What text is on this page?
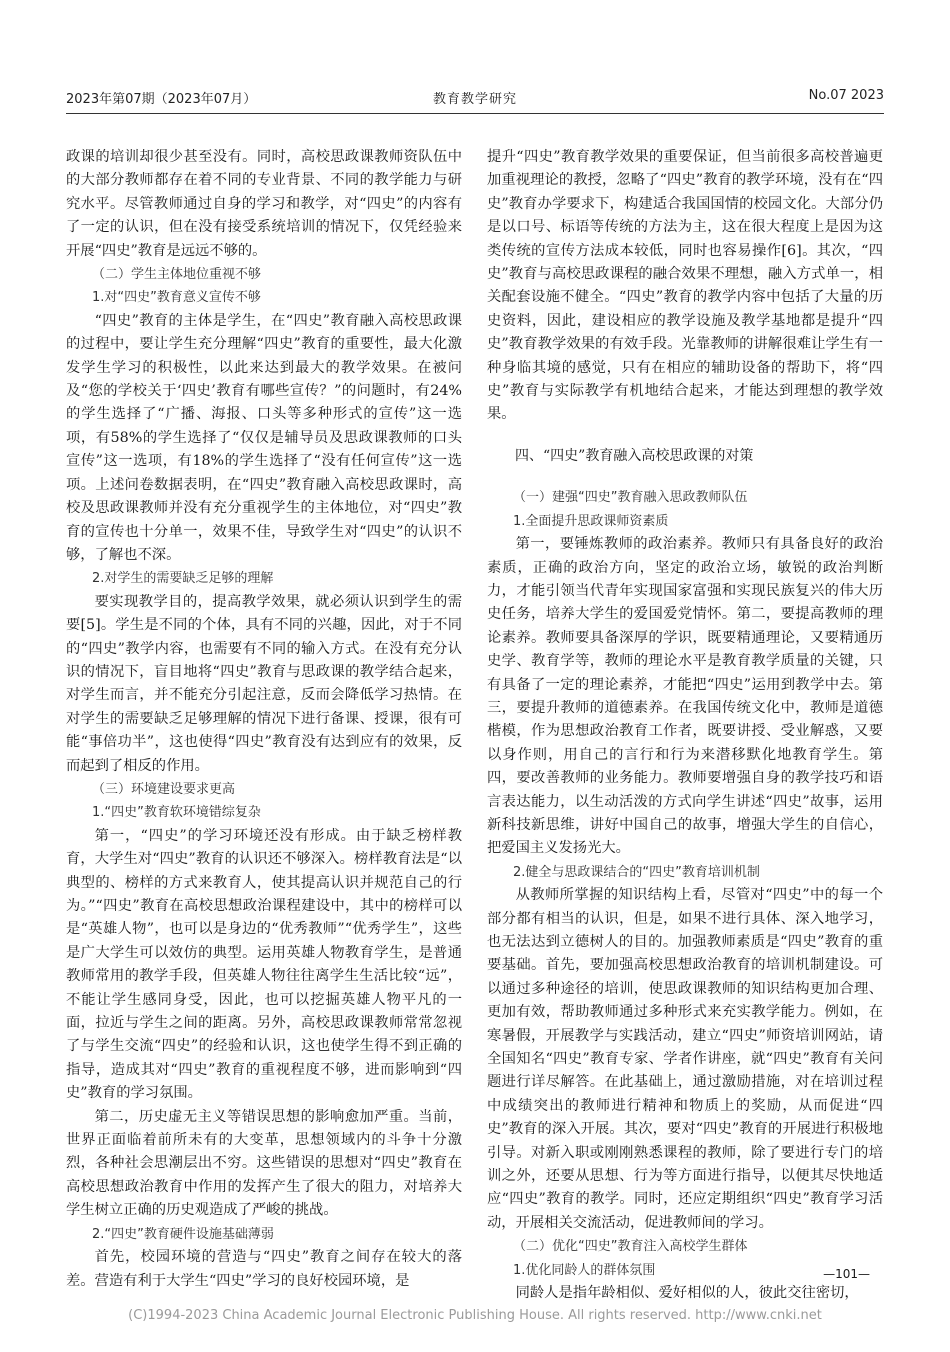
2023年第07期（2023年07月）	教育教学研究	No.07 2023

政课的培训却很少甚至没有。同时，高校思政课教师资队伍中的大部分教师都存在着不同的专业背景、不同的教学能力与研究水平。尽管教师通过自身的学习和教学，对“四史”的内容有了一定的认识，但在没有接受系统培训的情况下，仅凭经验来开展“四史”教育是远远不够的。

（二）学生主体地位重视不够

1.对“四史”教育意义宣传不够

“四史”教育的主体是学生，在“四史”教育融入高校思政课的过程中，要让学生充分理解“四史”教育的重要性，最大化激发学生学习的积极性，以此来达到最大的教学效果。在被问及“您的学校关于‘四史’教育有哪些宣传？”的问题时，有24%的学生选择了“广播、海报、口头等多种形式的宣传”这一选项，有58%的学生选择了“仅仅是辅导员及思政课教师的口头宣传”这一选项，有18%的学生选择了“没有任何宣传”这一选项。上述问卷数据表明，在“四史”教育融入高校思政课时，高校及思政课教师并没有充分重视学生的主体地位，对“四史”教育的宣传也十分单一，效果不佳，导致学生对“四史”的认识不够，了解也不深。

2.对学生的需要缺乏足够的理解

要实现教学目的，提高教学效果，就必须认识到学生的需要[5]。学生是不同的个体，具有不同的兴趣，因此，对于不同的“四史”教学内容，也需要有不同的输入方式。在没有充分认识的情况下，盲目地将“四史”教育与思政课的教学结合起来，对学生而言，并不能充分引起注意，反而会降低学习热情。在对学生的需要缺乏足够理解的情况下进行备课、授课，很有可能“事倍功半”，这也使得“四史”教育没有达到应有的效果，反而起到了相反的作用。

（三）环境建设要求更高

1.“四史”教育软环境错综复杂

第一，“四史”的学习环境还没有形成。由于缺乏榜样教育，大学生对“四史”教育的认识还不够深入。榜样教育法是“以典型的、榜样的方式来教育人，使其提高认识并规范自己的行为。”“四史”教育在高校思想政治课程建设中，其中的榜样可以是“英雄人物”，也可以是身边的“优秀教师”“优秀学生”，这些是广大学生可以效仿的典型。运用英雄人物教育学生，是普通教师常用的教学手段，但英雄人物往往离学生生活比较“远”，不能让学生感同身受，因此，也可以挖掘英雄人物平凡的一面，拉近与学生之间的距离。另外，高校思政课教师常常忽视了与学生交流“四史”的经验和认识，这也使学生得不到正确的指导，造成其对“四史”教育的重视程度不够，进而影响到“四史”教育的学习氛围。

第二，历史虚无主义等错误思想的影响愈加严重。当前，世界正面临着前所未有的大变革，思想领域内的斗争十分激烈，各种社会思潮层出不穷。这些错误的思想对“四史”教育在高校思想政治教育中作用的发挥产生了很大的阻力，对培养大学生树立正确的历史观造成了严峻的挑战。

2.“四史”教育硬件设施基础薄弱

首先，校园环境的营造与“四史”教育之间存在较大的落差。营造有利于大学生“四史”学习的良好校园环境，是

提升“四史”教育教学效果的重要保证，但当前很多高校普遍更加重视理论的教授，忽略了“四史”教育的教学环境，没有在“四史”教育办学要求下，构建适合我国国情的校园文化。大部分仍是以口号、标语等传统的方法为主，这在很大程度上是因为这类传统的宣传方法成本较低，同时也容易操作[6]。其次，“四史”教育与高校思政课程的融合效果不理想，融入方式单一，相关配套设施不健全。“四史”教育的教学内容中包括了大量的历史资料，因此，建设相应的教学设施及教学基地都是提升“四史”教育教学效果的有效手段。光靠教师的讲解很难让学生有一种身临其境的感觉，只有在相应的辅助设备的帮助下，将“四史”教育与实际教学有机地结合起来，才能达到理想的教学效果。

四、“四史”教育融入高校思政课的对策

（一）建强“四史”教育融入思政教师队伍

1.全面提升思政课师资素质

第一，要锤炼教师的政治素养。教师只有具备良好的政治素质，正确的政治方向，坚定的政治立场，敏锐的政治判断力，才能引领当代青年实现国家富强和实现民族复兴的伟大历史任务，培养大学生的爱国爱党情怀。第二，要提高教师的理论素养。教师要具备深厚的学识，既要精通理论，又要精通历史学、教育学等，教师的理论水平是教育教学质量的关键，只有具备了一定的理论素养，才能把“四史”运用到教学中去。第三，要提升教师的道德素养。在我国传统文化中，教师是道德楷模，作为思想政治教育工作者，既要讲授、受业解惑，又要以身作则，用自己的言行和行为来潜移默化地教育学生。第四，要改善教师的业务能力。教师要增强自身的教学技巧和语言表达能力，以生动活泼的方式向学生讲述“四史”故事，运用新科技新思维，讲好中国自己的故事，增强大学生的自信心，把爱国主义发扬光大。

2.健全与思政课结合的“四史”教育培训机制

从教师所掌握的知识结构上看，尽管对“四史”中的每一个部分都有相当的认识，但是，如果不进行具体、深入地学习，也无法达到立德树人的目的。加强教师素质是“四史”教育的重要基础。首先，要加强高校思想政治教育的培训机制建设。可以通过多种途径的培训，使思政课教师的知识结构更加合理、更加有效，帮助教师通过多种形式来充实教学能力。例如，在寒暑假，开展教学与实践活动，建立“四史”师资培训网站，请全国知名“四史”教育专家、学者作讲座，就“四史”教育有关问题进行详尽解答。在此基础上，通过激励措施，对在培训过程中成绩突出的教师进行精神和物质上的奖励，从而促进“四史”教育的深入开展。其次，要对“四史”教育的开展进行积极地引导。对新入职或刚刚熟悉课程的教师，除了要进行专门的培训之外，还要从思想、行为等方面进行指导，以便其尽快地适应“四史”教育的教学。同时，还应定期组织“四史”教育学习活动，开展相关交流活动，促进教师间的学习。

（二）优化“四史”教育注入高校学生群体

1.优化同龄人的群体氛围

同龄人是指年龄相似、爱好相似的人，彼此交往密切，

—101—
(C)1994-2023 China Academic Journal Electronic Publishing House. All rights reserved. http://www.cnki.net
